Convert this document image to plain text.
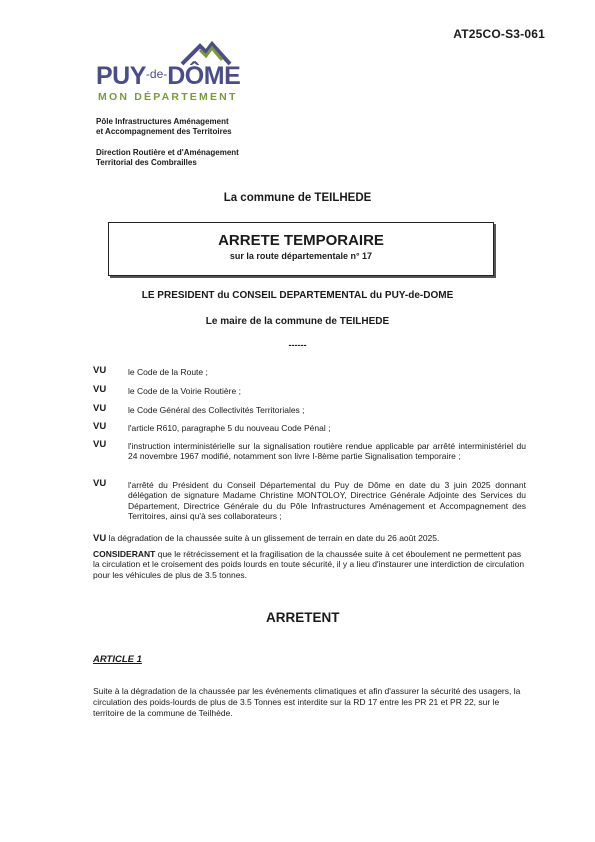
AT25CO-S3-061
$PUY^{-de-}DÔME$
MON DÉPARTEMENT
Pôle Infrastructures Aménagement
et Accompagnement des Territoires
Direction Routière et d'Aménagement
Territorial des Combrailles
La commune de TEILHEDE
ARRETE TEMPORAIRE
sur la route départementale n° 17
LE PRESIDENT du CONSEIL DEPARTEMENTAL du PUY-de-DOME
Le maire de la commune de TEILHEDE
------
VU	le Code de la Route ;
VU	le Code de la Voirie Routière ;
VU	le Code Général des Collectivités Territoriales ;
VU	l'article R610, paragraphe 5 du nouveau Code Pénal ;
VU	l'instruction interministérielle sur la signalisation routière rendue applicable par arrêté interministériel du 24 novembre 1967 modifié, notamment son livre I-8ème partie Signalisation temporaire ;
VU	l'arrêté du Président du Conseil Départemental du Puy de Dôme en date du 3 juin 2025 donnant délégation de signature Madame Christine MONTOLOY, Directrice Générale Adjointe des Services du Département, Directrice Générale du du Pôle Infrastructures Aménagement et Accompagnement des Territoires, ainsi qu'à ses collaborateurs ;
VU la dégradation de la chaussée suite à un glissement de terrain en date du 26 août 2025.
CONSIDERANT que le rétrécissement et la fragilisation de la chaussée suite à cet éboulement ne permettent pas la circulation et le croisement des poids lourds en toute sécurité, il y a lieu d'instaurer une interdiction de circulation pour les véhicules de plus de 3.5 tonnes.
ARRETENT
ARTICLE 1
Suite à la dégradation de la chaussée par les événements climatiques et afin d'assurer la sécurité des usagers, la circulation des poids-lourds de plus de 3.5 Tonnes est interdite sur la RD 17 entre les PR 21 et PR 22, sur le territoire de la commune de Teilhède.
